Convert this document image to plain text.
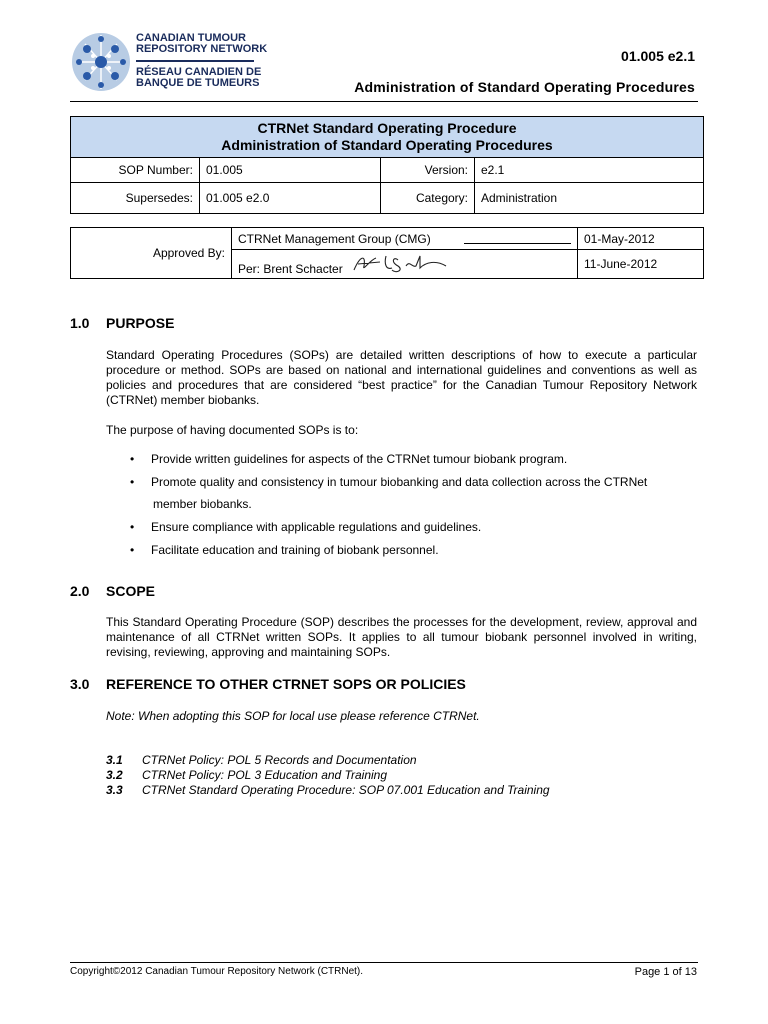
CANADIAN TUMOUR
REPOSITORY NETWORK
RÉSEAU CANADIEN DE
BANQUE DE TUMEURS
01.005 e2.1
Administration of Standard Operating Procedures
CTRNet Standard Operating Procedure
Administration of Standard Operating Procedures			

SOP Number:	01.005	Version:	e2.1
Supersedes:	01.005 e2.0	Category:	Administration
Approved By:	CTRNet Management Group (CMG)	01-May-2012
	Per: Brent Schacter	11-June-2012
1.0 PURPOSE
Standard Operating Procedures (SOPs) are detailed written descriptions of how to execute a particular procedure or method. SOPs are based on national and international guidelines and conventions as well as policies and procedures that are considered “best practice” for the Canadian Tumour Repository Network (CTRNet) member biobanks.
The purpose of having documented SOPs is to:
• Provide written guidelines for aspects of the CTRNet tumour biobank program.
• Promote quality and consistency in tumour biobanking and data collection across the CTRNet
member biobanks.
• Ensure compliance with applicable regulations and guidelines.
• Facilitate education and training of biobank personnel.
2.0 SCOPE
This Standard Operating Procedure (SOP) describes the processes for the development, review, approval and maintenance of all CTRNet written SOPs. It applies to all tumour biobank personnel involved in writing, revising, reviewing, approving and maintaining SOPs.
3.0 REFERENCE TO OTHER CTRNET SOPS OR POLICIES
Note: When adopting this SOP for local use please reference CTRNet.
3.1 CTRNet Policy: POL 5 Records and Documentation
3.2 CTRNet Policy: POL 3 Education and Training
3.3 CTRNet Standard Operating Procedure: SOP 07.001 Education and Training
Copyright©2012 Canadian Tumour Repository Network (CTRNet).	Page 1 of 13
